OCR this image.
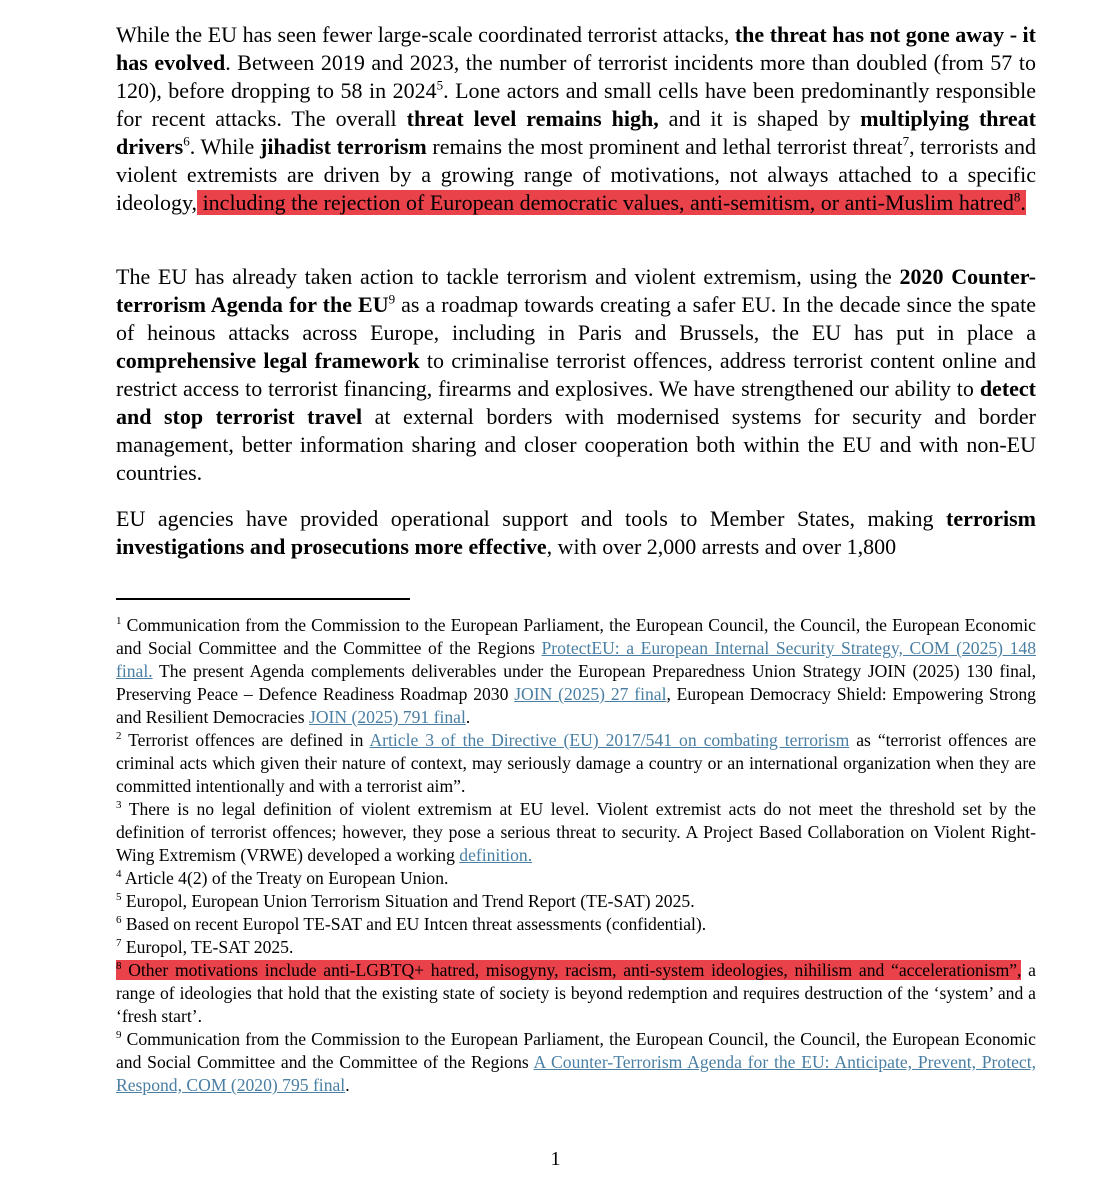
While the EU has seen fewer large-scale coordinated terrorist attacks, the threat has not gone away - it has evolved. Between 2019 and 2023, the number of terrorist incidents more than doubled (from 57 to 120), before dropping to 58 in 2024$^5$. Lone actors and small cells have been predominantly responsible for recent attacks. The overall threat level remains high, and it is shaped by multiplying threat drivers$^6$. While jihadist terrorism remains the most prominent and lethal terrorist threat$^7$, terrorists and violent extremists are driven by a growing range of motivations, not always attached to a specific ideology, including the rejection of European democratic values, anti-semitism, or anti-Muslim hatred$^8$.

The EU has already taken action to tackle terrorism and violent extremism, using the 2020 Counter-terrorism Agenda for the $EU^9$ as a roadmap towards creating a safer EU. In the decade since the spate of heinous attacks across Europe, including in Paris and Brussels, the EU has put in place a comprehensive legal framework to criminalise terrorist offences, address terrorist content online and restrict access to terrorist financing, firearms and explosives. We have strengthened our ability to detect and stop terrorist travel at external borders with modernised systems for security and border management, better information sharing and closer cooperation both within the EU and with non-EU countries.

EU agencies have provided operational support and tools to Member States, making terrorism investigations and prosecutions more effective, with over 2,000 arrests and over 1,800

$^1$ Communication from the Commission to the European Parliament, the European Council, the Council, the European Economic and Social Committee and the Committee of the Regions ProtectEU: a European Internal Security Strategy, COM (2025) 148 final. The present Agenda complements deliverables under the European Preparedness Union Strategy JOIN (2025) 130 final, Preserving Peace – Defence Readiness Roadmap 2030 JOIN (2025) 27 final, European Democracy Shield: Empowering Strong and Resilient Democracies JOIN (2025) 791 final.

$^2$ Terrorist offences are defined in Article 3 of the Directive (EU) 2017/541 on combating terrorism as “terrorist offences are criminal acts which given their nature of context, may seriously damage a country or an international organization when they are committed intentionally and with a terrorist aim”.

$^3$ There is no legal definition of violent extremism at EU level. Violent extremist acts do not meet the threshold set by the definition of terrorist offences; however, they pose a serious threat to security. A Project Based Collaboration on Violent Right-Wing Extremism (VRWE) developed a working definition.

$^4$ Article 4(2) of the Treaty on European Union.

$^5$ Europol, European Union Terrorism Situation and Trend Report (TE-SAT) 2025.

$^6$ Based on recent Europol TE-SAT and EU Intcen threat assessments (confidential).

$^7$ Europol, TE-SAT 2025.

$^8$ Other motivations include anti-LGBTQ+ hatred, misogyny, racism, anti-system ideologies, nihilism and “accelerationism”, a range of ideologies that hold that the existing state of society is beyond redemption and requires destruction of the ‘system’ and a ‘fresh start’.

$^9$ Communication from the Commission to the European Parliament, the European Council, the Council, the European Economic and Social Committee and the Committee of the Regions A Counter-Terrorism Agenda for the EU: Anticipate, Prevent, Protect, Respond, COM (2020) 795 final.

1
